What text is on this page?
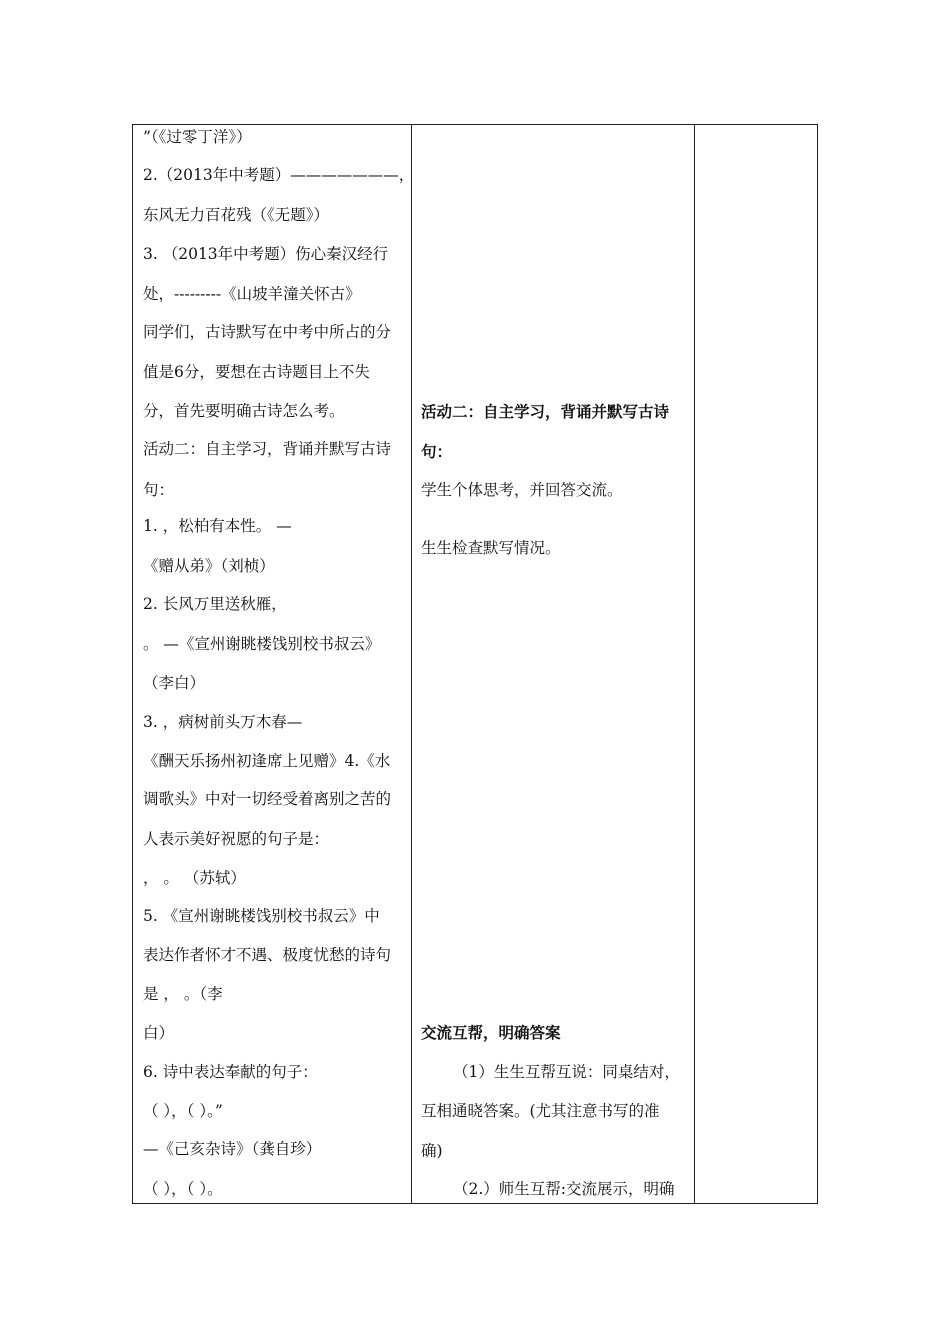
”（《过零丁洋》）
2.（2013年中考题）———————，
东风无力百花残（《无题》）
3. （2013年中考题）伤心秦汉经行
处，---------《山坡羊潼关怀古》
同学们，古诗默写在中考中所占的分
值是6分，要想在古诗题目上不失
分，首先要明确古诗怎么考。
活动二：自主学习，背诵并默写古诗
句：
1. ，松柏有本性。 —
《赠从弟》（刘桢）
2. 长风万里送秋雁，
。 —《宣州谢眺楼饯别校书叔云》
（李白）
3. ，病树前头万木春—
《酬天乐扬州初逢席上见赠》4.《水
调歌头》中对一切经受着离别之苦的
人表示美好祝愿的句子是：
， 。 （苏轼）
5. 《宣州谢眺楼饯别校书叔云》中
表达作者怀才不遇、极度忧愁的诗句
是 ， 。（李
白）
6. 诗中表达奉献的句子：
（ ），（ ）。”
—《己亥杂诗》（龚自珍）
（ ），（ ）。
活动二：自主学习，背诵并默写古诗
句：
学生个体思考，并回答交流。
生生检查默写情况。
交流互帮，明确答案
（1）生生互帮互说：同桌结对，
互相通晓答案。(尤其注意书写的准
确)
（2.）师生互帮:交流展示，明确
